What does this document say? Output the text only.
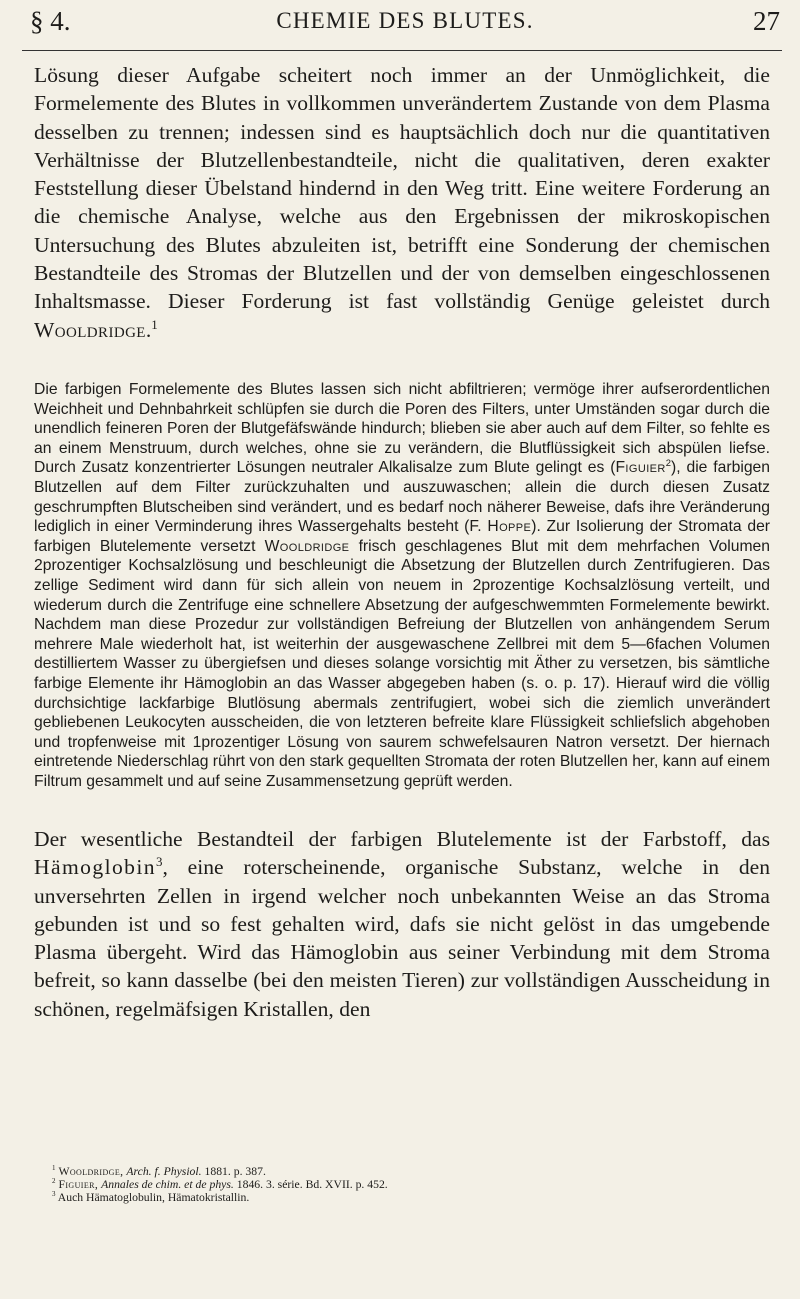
§ 4.	CHEMIE DES BLUTES.	27

Lösung dieser Aufgabe scheitert noch immer an der Unmöglichkeit, die Formelemente des Blutes in vollkommen unverändertem Zustande von dem Plasma desselben zu trennen; indessen sind es hauptsächlich doch nur die quantitativen Verhältnisse der Blutzellenbestandteile, nicht die qualitativen, deren exakter Feststellung dieser Übelstand hindernd in den Weg tritt. Eine weitere Forderung an die chemische Analyse, welche aus den Ergebnissen der mikroskopischen Untersuchung des Blutes abzuleiten ist, betrifft eine Sonderung der chemischen Bestandteile des Stromas der Blutzellen und der von demselben eingeschlossenen Inhaltsmasse. Dieser Forderung ist fast vollständig Genüge geleistet durch Wooldridge.$^1$

Die farbigen Formelemente des Blutes lassen sich nicht abfiltrieren; vermöge ihrer aufserordentlichen Weichheit und Dehnbahrkeit schlüpfen sie durch die Poren des Filters, unter Umständen sogar durch die unendlich feineren Poren der Blutgefäfswände hindurch; blieben sie aber auch auf dem Filter, so fehlte es an einem Menstruum, durch welches, ohne sie zu verändern, die Blutflüssigkeit sich abspülen liefse. Durch Zusatz konzentrierter Lösungen neutraler Alkalisalze zum Blute gelingt es (Figuier$^2$), die farbigen Blutzellen auf dem Filter zurückzuhalten und auszuwaschen; allein die durch diesen Zusatz geschrumpften Blutscheiben sind verändert, und es bedarf noch näherer Beweise, dafs ihre Veränderung lediglich in einer Verminderung ihres Wassergehalts besteht (F. Hoppe). Zur Isolierung der Stromata der farbigen Blutelemente versetzt Wooldridge frisch geschlagenes Blut mit dem mehrfachen Volumen 2prozentiger Kochsalzlösung und beschleunigt die Absetzung der Blutzellen durch Zentrifugieren. Das zellige Sediment wird dann für sich allein von neuem in 2prozentige Kochsalzlösung verteilt, und wiederum durch die Zentrifuge eine schnellere Absetzung der aufgeschwemmten Formelemente bewirkt. Nachdem man diese Prozedur zur vollständigen Befreiung der Blutzellen von anhängendem Serum mehrere Male wiederholt hat, ist weiterhin der ausgewaschene Zellbrei mit dem 5—6fachen Volumen destilliertem Wasser zu übergiefsen und dieses solange vorsichtig mit Äther zu versetzen, bis sämtliche farbige Elemente ihr Hämoglobin an das Wasser abgegeben haben (s. o. p. 17). Hierauf wird die völlig durchsichtige lackfarbige Blutlösung abermals zentrifugiert, wobei sich die ziemlich unverändert gebliebenen Leukocyten ausscheiden, die von letzteren befreite klare Flüssigkeit schliefslich abgehoben und tropfenweise mit 1prozentiger Lösung von saurem schwefelsauren Natron versetzt. Der hiernach eintretende Niederschlag rührt von den stark gequellten Stromata der roten Blutzellen her, kann auf einem Filtrum gesammelt und auf seine Zusammensetzung geprüft werden.

Der wesentliche Bestandteil der farbigen Blutelemente ist der Farbstoff, das Hämoglobin$^3$, eine roterscheinende, organische Substanz, welche in den unversehrten Zellen in irgend welcher noch unbekannten Weise an das Stroma gebunden ist und so fest gehalten wird, dafs sie nicht gelöst in das umgebende Plasma übergeht. Wird das Hämoglobin aus seiner Verbindung mit dem Stroma befreit, so kann dasselbe (bei den meisten Tieren) zur vollständigen Ausscheidung in schönen, regelmäfsigen Kristallen, den

$^1$ Wooldridge, Arch. f. Physiol. 1881. p. 387.

$^2$ Figuier, Annales de chim. et de phys. 1846. 3. série. Bd. XVII. p. 452.

$^3$ Auch Hämatoglobulin, Hämatokristallin.
